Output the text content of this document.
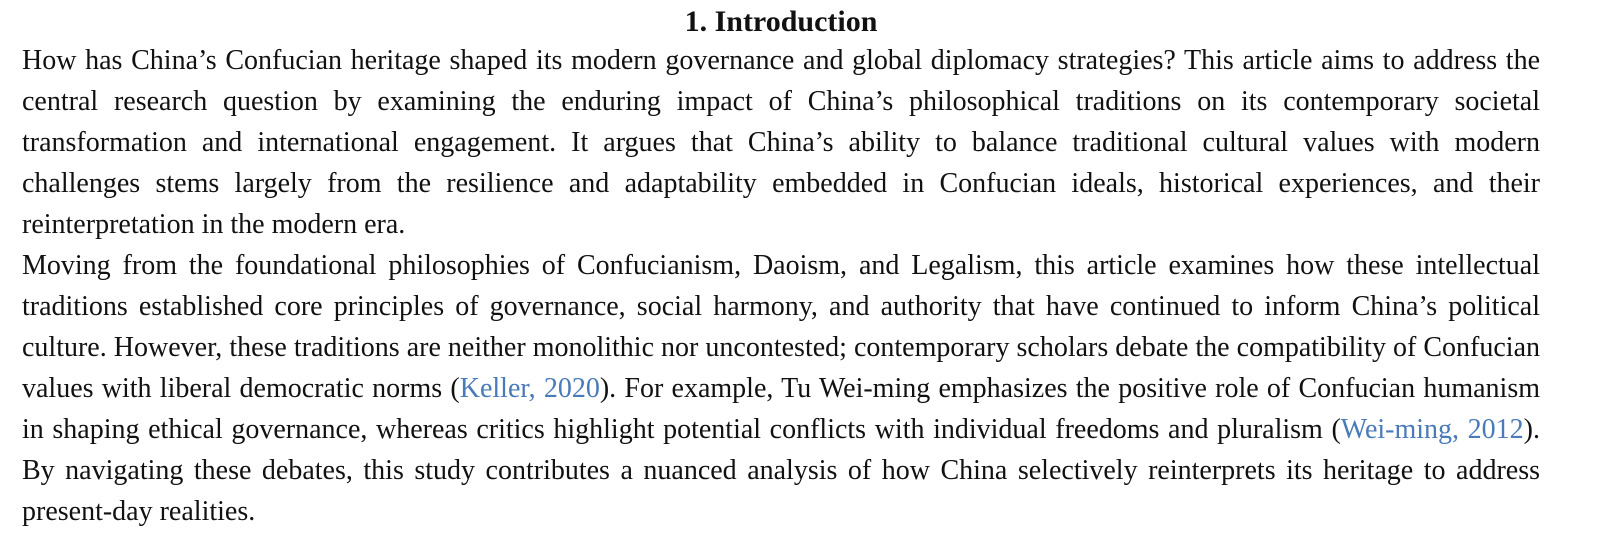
1. Introduction

How has China’s Confucian heritage shaped its modern governance and global diplomacy strategies? This article aims to address the central research question by examining the enduring impact of China’s philosophical traditions on its contemporary societal transformation and international engagement. It argues that China’s ability to balance traditional cultural values with modern challenges stems largely from the resilience and adaptability embedded in Confucian ideals, historical experiences, and their reinterpretation in the modern era.

Moving from the foundational philosophies of Confucianism, Daoism, and Legalism, this article examines how these intellectual traditions established core principles of governance, social harmony, and authority that have continued to inform China’s political culture. However, these traditions are neither monolithic nor uncontested; contemporary scholars debate the compatibility of Confucian values with liberal democratic norms (Keller, 2020). For example, Tu Wei-ming emphasizes the positive role of Confucian humanism in shaping ethical governance, whereas critics highlight potential conflicts with individual freedoms and pluralism (Wei-ming, 2012). By navigating these debates, this study contributes a nuanced analysis of how China selectively reinterprets its heritage to address present-day realities.
